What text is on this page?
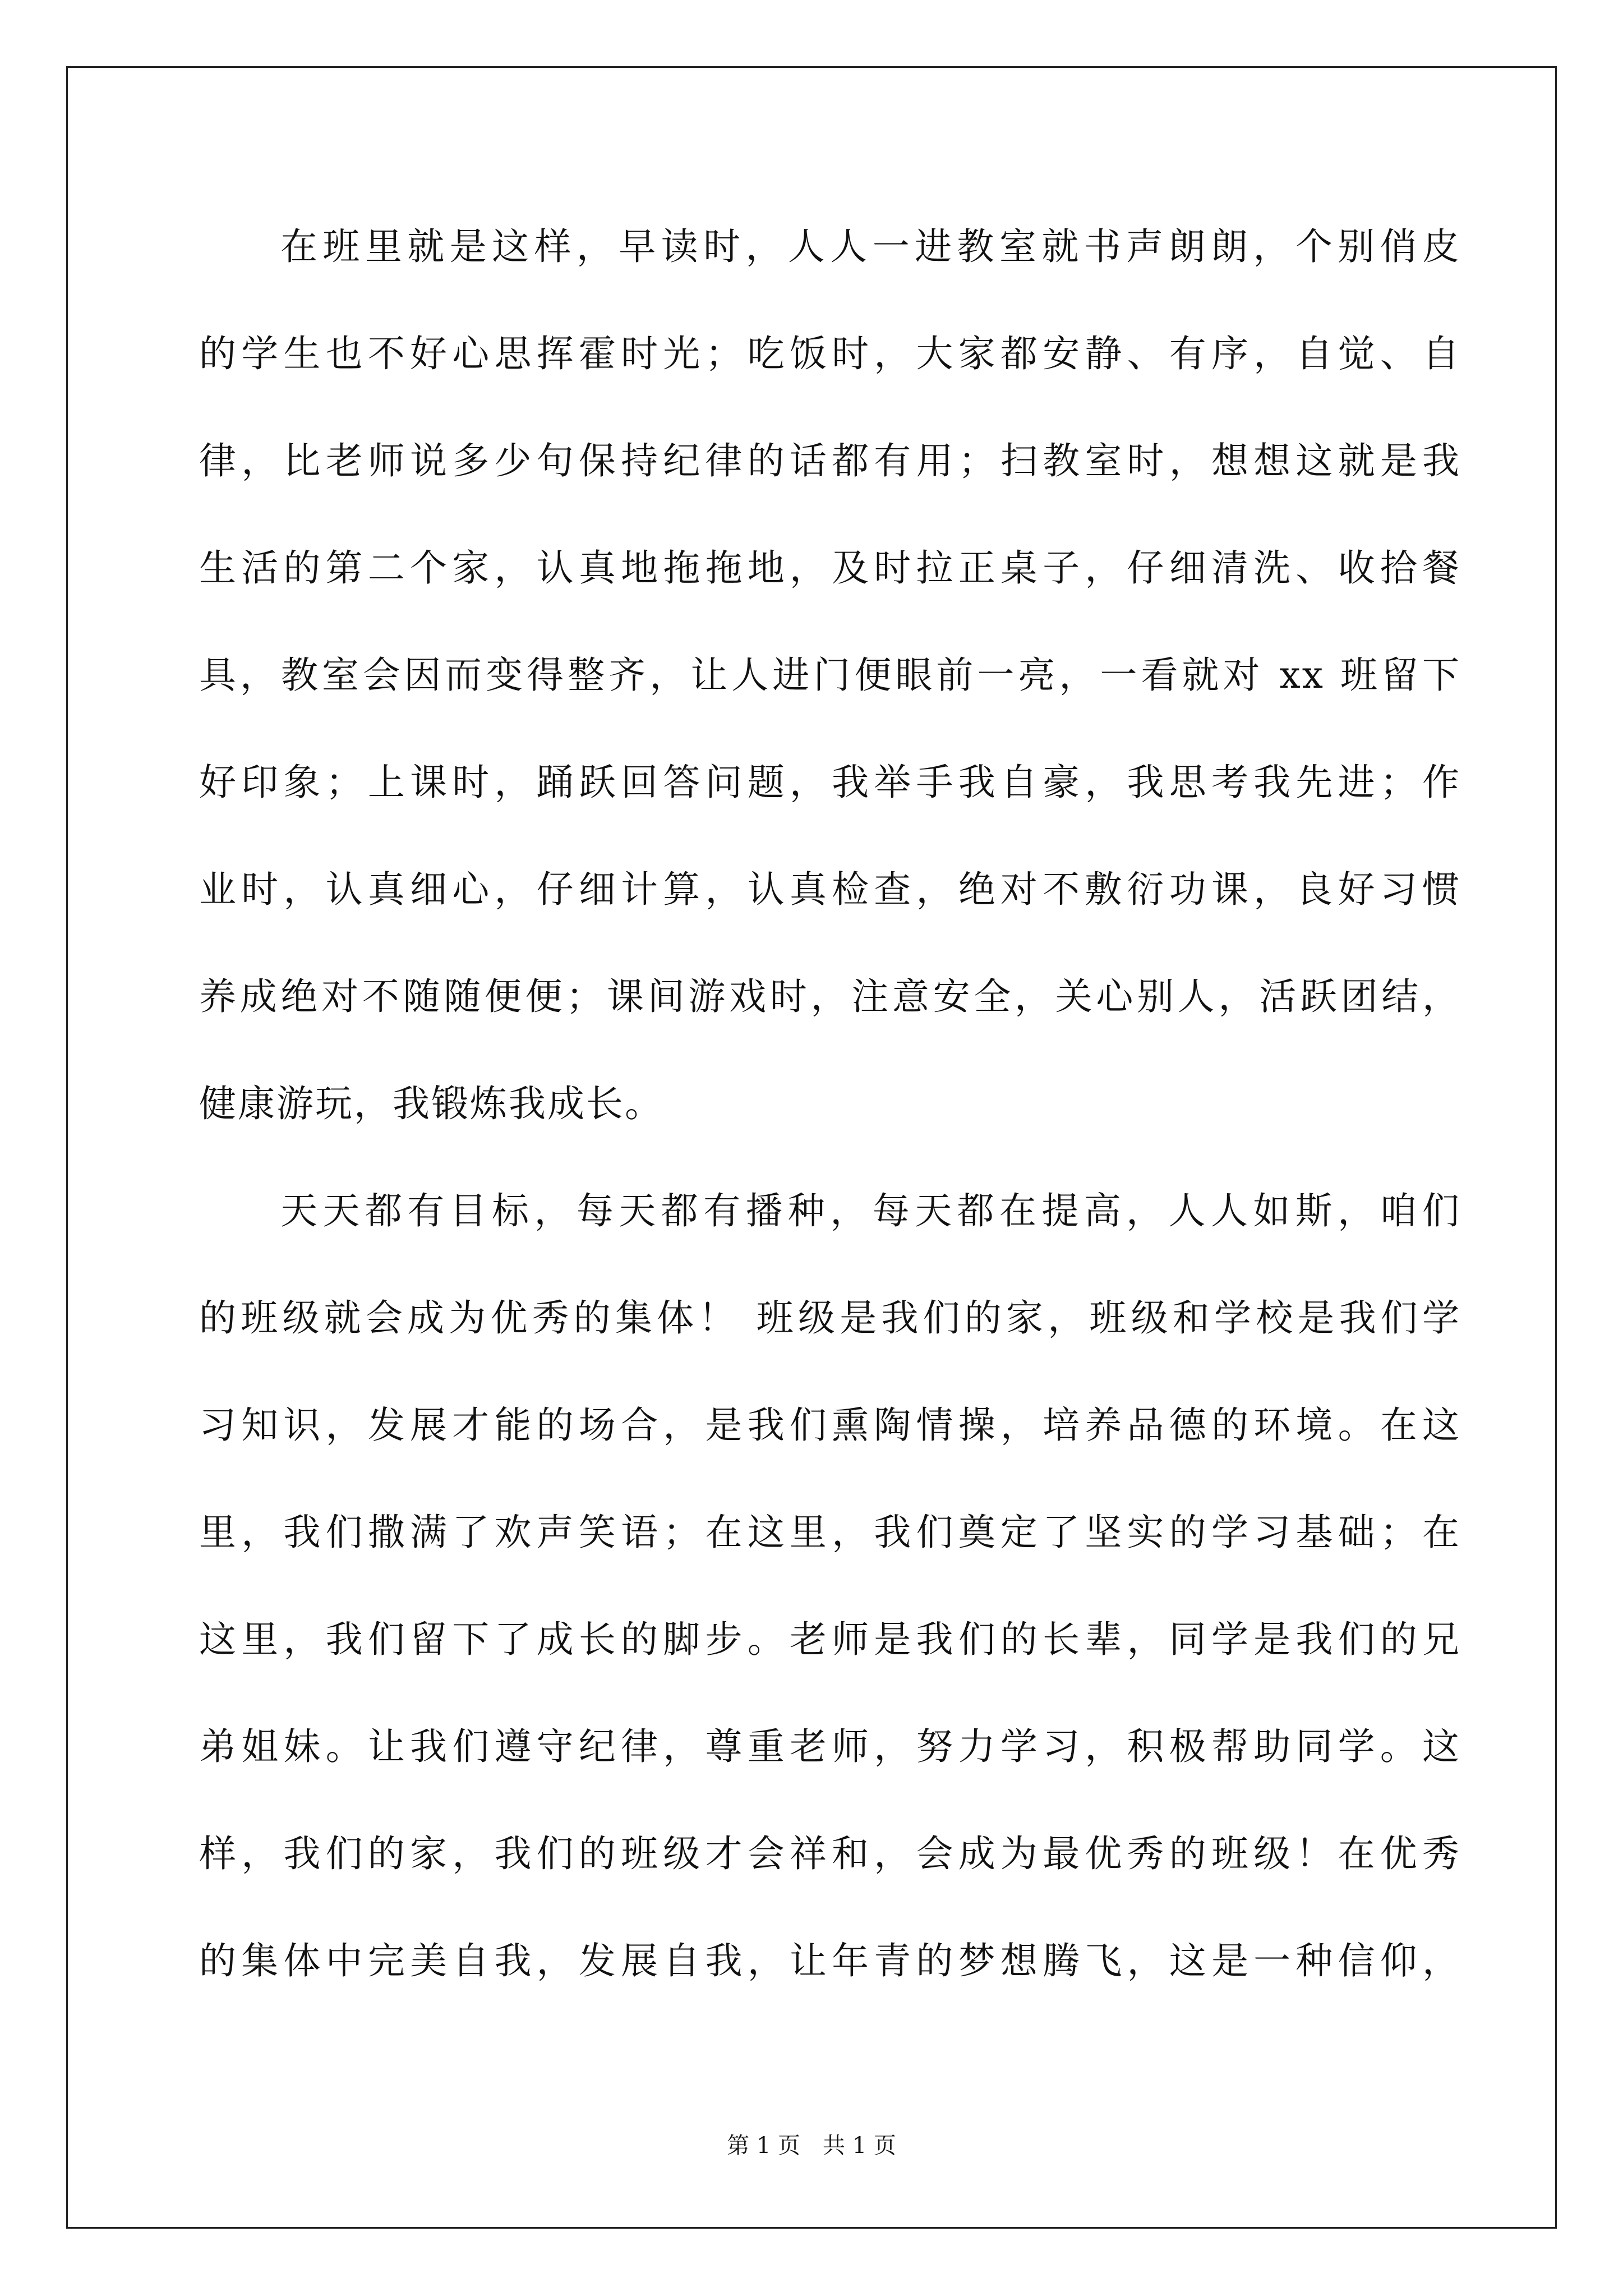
在班里就是这样，早读时，人人一进教室就书声朗朗，个别俏皮
的学生也不好心思挥霍时光；吃饭时，大家都安静、有序，自觉、自
律，比老师说多少句保持纪律的话都有用；扫教室时，想想这就是我
生活的第二个家，认真地拖拖地，及时拉正桌子，仔细清洗、收拾餐
具，教室会因而变得整齐，让人进门便眼前一亮，一看就对 xx 班留下
好印象；上课时，踊跃回答问题，我举手我自豪，我思考我先进；作
业时，认真细心，仔细计算，认真检查，绝对不敷衍功课，良好习惯
养成绝对不随随便便；课间游戏时，注意安全，关心别人，活跃团结，
健康游玩，我锻炼我成长。
天天都有目标，每天都有播种，每天都在提高，人人如斯，咱们
的班级就会成为优秀的集体！ 班级是我们的家，班级和学校是我们学
习知识，发展才能的场合，是我们熏陶情操，培养品德的环境。在这
里，我们撒满了欢声笑语；在这里，我们奠定了坚实的学习基础；在
这里，我们留下了成长的脚步。老师是我们的长辈，同学是我们的兄
弟姐妹。让我们遵守纪律，尊重老师，努力学习，积极帮助同学。这
样，我们的家，我们的班级才会祥和，会成为最优秀的班级！在优秀
的集体中完美自我，发展自我，让年青的梦想腾飞，这是一种信仰，
第 1 页 共 1 页
